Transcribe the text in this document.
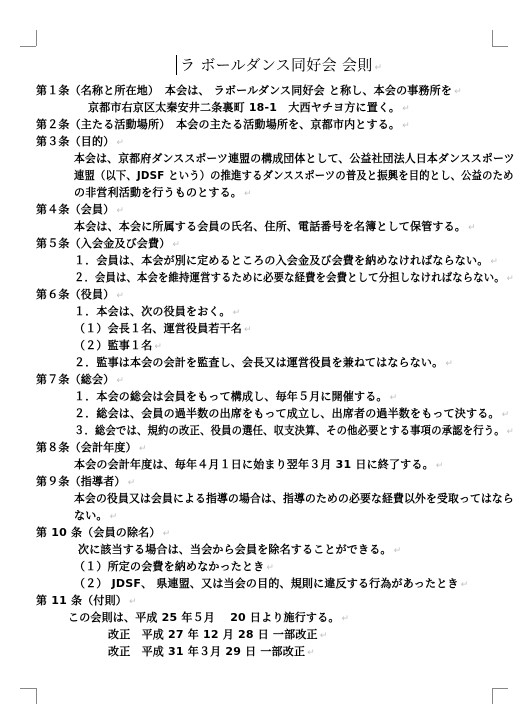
ラ ボールダンス同好会 会則 ↵
第１条（名称と所在地）　本会は、 ラボールダンス同好会 と称し、本会の事務所を ↵
京都市右京区太秦安井二条裏町 18-1　大西ヤチヨ方に置く。 ↵
第２条（主たる活動場所）　本会の主たる活動場所を、京都市内とする。 ↵
第３条（目的） ↵
本会は、京都府ダンススポーツ連盟の構成団体として、公益社団法人日本ダンススポーツ
連盟（以下、JDSF という）の推進するダンススポーツの普及と振興を目的とし、公益のため
の非営利活動を行うものとする。 ↵
第４条（会員） ↵
本会は、本会に所属する会員の氏名、住所、電話番号を名簿として保管する。 ↵
第５条（入会金及び会費） ↵
１．会員は、本会が別に定めるところの入会金及び会費を納めなければならない。 ↵
２．会員は、本会を維持運営するために必要な経費を会費として分担しなければならない。 ↵
第６条（役員） ↵
１．本会は、次の役員をおく。 ↵
（１）会長１名、運営役員若干名 ↵
（２）監事１名 ↵
２．監事は本会の会計を監査し、会長又は運営役員を兼ねてはならない。 ↵
第７条（総会） ↵
１．本会の総会は会員をもって構成し、毎年５月に開催する。 ↵
２．総会は、会員の過半数の出席をもって成立し、出席者の過半数をもって決する。 ↵
３．総会では、規約の改正、役員の選任、収支決算、その他必要とする事項の承認を行う。 ↵
第８条（会計年度） ↵
本会の会計年度は、毎年４月１日に始まり翌年３月 31 日に終了する。 ↵
第９条（指導者） ↵
本会の役員又は会員による指導の場合は、指導のための必要な経費以外を受取ってはなら
ない。 ↵
第 10 条（会員の除名） ↵
次に該当する場合は、当会から会員を除名することができる。 ↵
（１）所定の会費を納めなかったとき ↵
（２） JDSF、 県連盟、又は当会の目的、規則に違反する行為があったとき ↵
第 11 条（付則） ↵
この会則は、平成 25 年５月　 20 日より施行する。 ↵
改正　平成 27 年 12 月 28 日 一部改正 ↵
改正　平成 31 年３月 29 日 一部改正 ↵
